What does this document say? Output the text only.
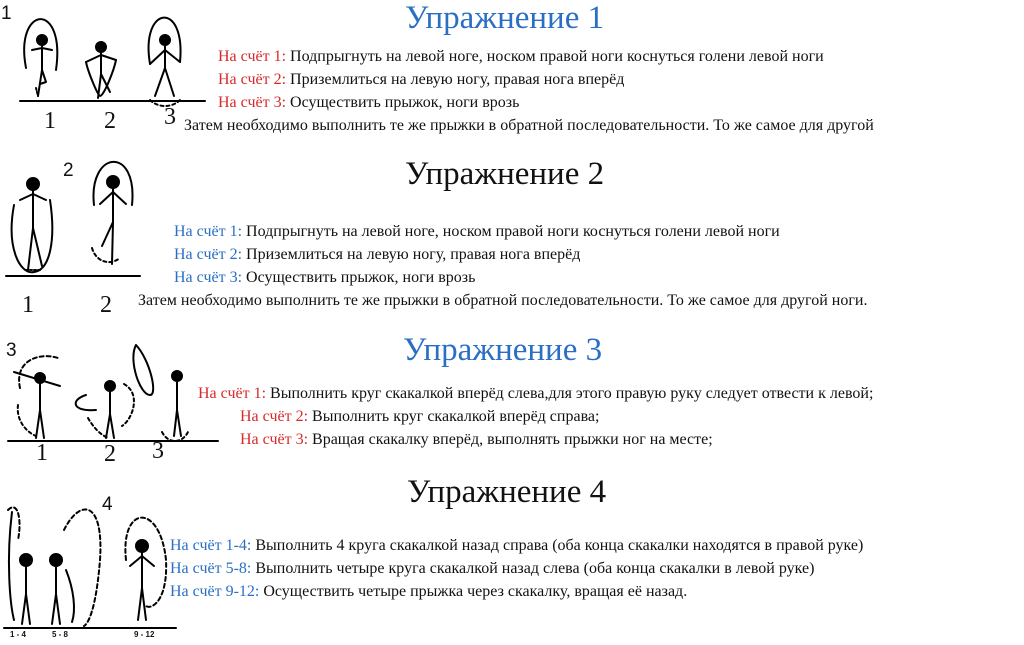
1
2
3
4
1 2 3
1	2
1 2 3
1 - 4	5 - 8	9 - 12
Упражнение 1
На счёт 1: Подпрыгнуть на левой ноге, носком правой ноги коснуться голени левой ноги
На счёт 2: Приземлиться на левую ногу, правая нога вперёд
На счёт 3: Осуществить прыжок, ноги врозь
Затем необходимо выполнить те же прыжки в обратной последовательности. То же самое для другой
Упражнение 2
На счёт 1: Подпрыгнуть на левой ноге, носком правой ноги коснуться голени левой ноги
На счёт 2: Приземлиться на левую ногу, правая нога вперёд
На счёт 3: Осуществить прыжок, ноги врозь
Затем необходимо выполнить те же прыжки в обратной последовательности. То же самое для другой ноги.
Упражнение 3
На счёт 1: Выполнить круг скакалкой вперёд слева,для этого правую руку следует отвести к левой;
На счёт 2: Выполнить круг скакалкой вперёд справа;
На счёт 3: Вращая скакалку вперёд, выполнять прыжки ног на месте;
Упражнение 4
На счёт 1-4: Выполнить 4 круга скакалкой назад справа (оба конца скакалки находятся в правой руке)
На счёт 5-8: Выполнить четыре круга скакалкой назад слева (оба конца скакалки в левой руке)
На счёт 9-12: Осуществить четыре прыжка через скакалку, вращая её назад.
